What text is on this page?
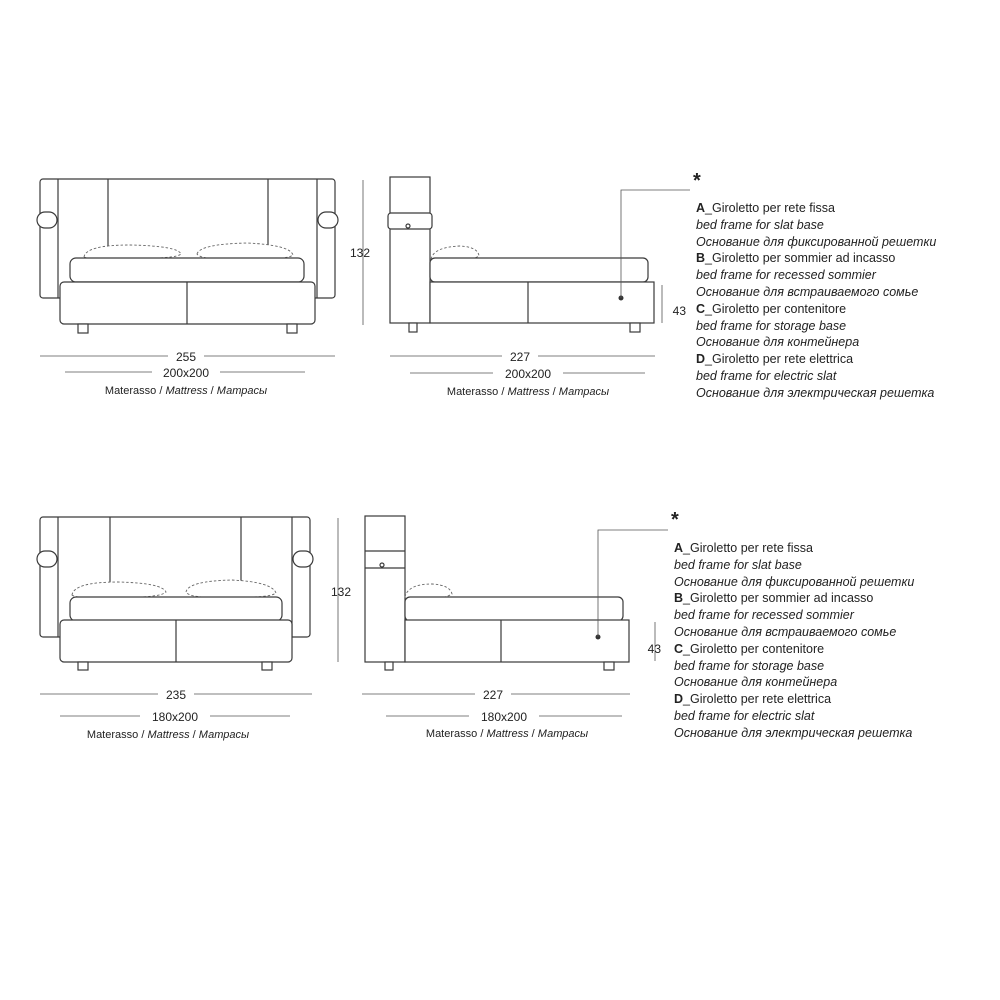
255
200x200
132
227
200x200
43
235
180x200
132
227
180x200
43
Materasso / Mattress / Матрасы	Materasso / Mattress / Матрасы
Materasso / Mattress / Матрасы	Materasso / Mattress / Матрасы
*
*
A_Giroletto per rete fissa
bed frame for slat base
Основание для фиксированной решетки
B_Giroletto per sommier ad incasso
bed frame for recessed sommier
Основание для встраиваемого сомье
C_Giroletto per contenitore
bed frame for storage base
Основание для контейнера
D_Giroletto per rete elettrica
bed frame for electric slat
Основание для электрическая решетка
A_Giroletto per rete fissa
bed frame for slat base
Основание для фиксированной решетки
B_Giroletto per sommier ad incasso
bed frame for recessed sommier
Основание для встраиваемого сомье
C_Giroletto per contenitore
bed frame for storage base
Основание для контейнера
D_Giroletto per rete elettrica
bed frame for electric slat
Основание для электрическая решетка
